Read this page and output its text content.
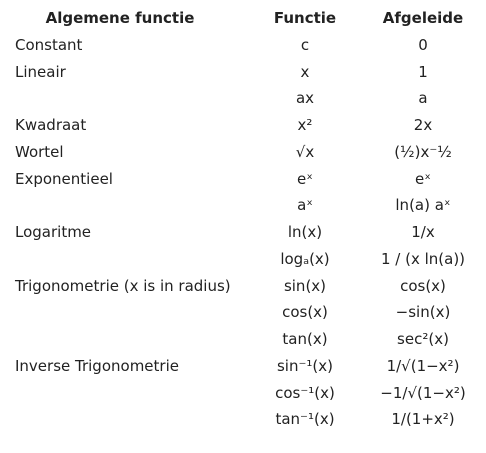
Algemene functie	Functie	Afgeleide
Constant	c	0
Lineair	x	1
	ax	a
Kwadraat	x²	2x
Wortel	√x	(½)x⁻½
Exponentieel	eˣ	eˣ
	aˣ	ln(a) aˣ
Logaritme	ln(x)	1/x
	logₐ(x)	1 / (x ln(a))
Trigonometrie (x is in radius)	sin(x)	cos(x)
	cos(x)	−sin(x)
	tan(x)	sec²(x)
Inverse Trigonometrie	sin⁻¹(x)	1/√(1−x²)
	cos⁻¹(x)	−1/√(1−x²)
	tan⁻¹(x)	1/(1+x²)
